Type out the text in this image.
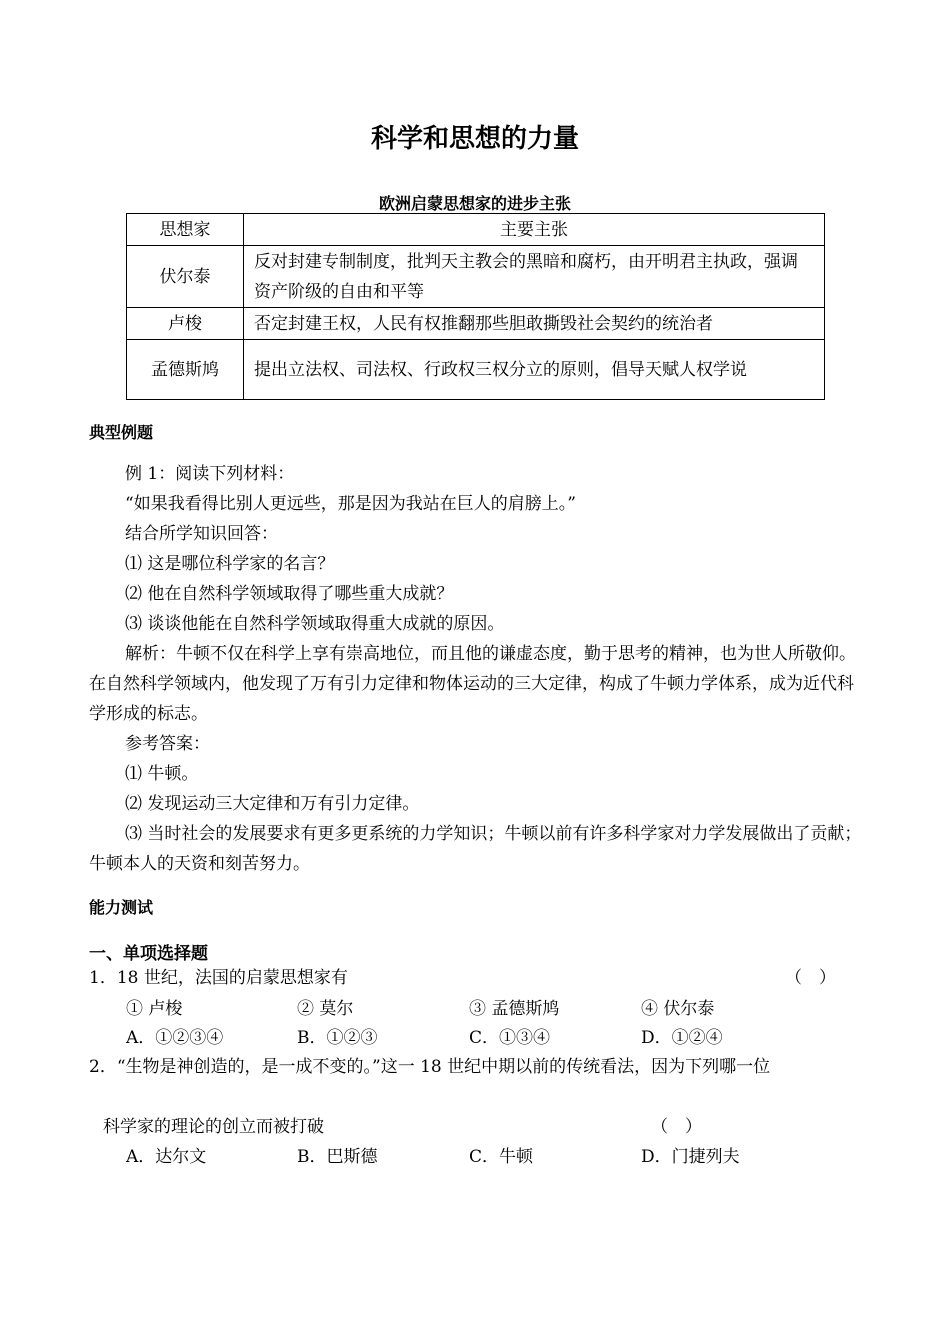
科学和思想的力量
欧洲启蒙思想家的进步主张
思想家	主要主张
伏尔泰	反对封建专制制度，批判天主教会的黑暗和腐朽，由开明君主执政，强调资产阶级的自由和平等
卢梭	否定封建王权，人民有权推翻那些胆敢撕毁社会契约的统治者
孟德斯鸠	提出立法权、司法权、行政权三权分立的原则，倡导天赋人权学说
典型例题
例 1：阅读下列材料：
“如果我看得比别人更远些，那是因为我站在巨人的肩膀上。”
结合所学知识回答：
⑴ 这是哪位科学家的名言？
⑵ 他在自然科学领域取得了哪些重大成就？
⑶ 谈谈他能在自然科学领域取得重大成就的原因。
解析：牛顿不仅在科学上享有崇高地位，而且他的谦虚态度，勤于思考的精神，也为世人所敬仰。在自然科学领域内，他发现了万有引力定律和物体运动的三大定律，构成了牛顿力学体系，成为近代科学形成的标志。
参考答案：
⑴ 牛顿。
⑵ 发现运动三大定律和万有引力定律。
⑶ 当时社会的发展要求有更多更系统的力学知识；牛顿以前有许多科学家对力学发展做出了贡献；牛顿本人的天资和刻苦努力。
能力测试
一、单项选择题
1．18 世纪，法国的启蒙思想家有	（　）
① 卢梭	② 莫尔	③ 孟德斯鸠	④ 伏尔泰
A．①②③④	B．①②③	C．①③④	D．①②④
2．“生物是神创造的，是一成不变的。”这一 18 世纪中期以前的传统看法，因为下列哪一位
科学家的理论的创立而被打破	（　）
A．达尔文	B．巴斯德	C．牛顿	D．门捷列夫
